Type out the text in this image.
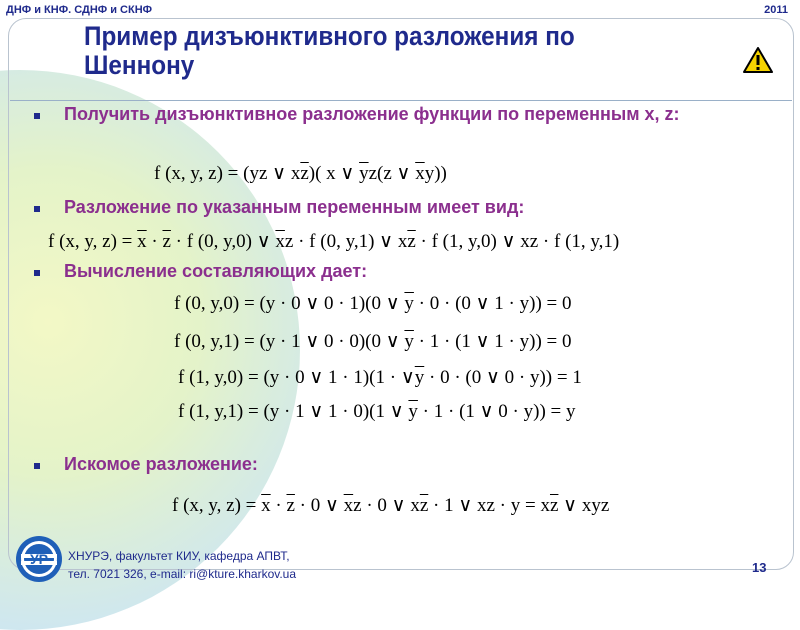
ДНФ и КНФ. СДНФ и СКНФ	2011
Пример дизъюнктивного разложения по Шеннону
Получить дизъюнктивное разложение функции по переменным x, z:
f (x, y, z) = (yz ∨ $x\overline{z}$)( x ∨ $\overline{y}z(z$ ∨ $\overline{x}y$))
Разложение по указанным переменным имеет вид:
f (x, y, $z) = \overline{x} \cdot \overline{z} \cdot f$ (0, y,0) ∨ $\overline{x}z \cdot f$ (0, y,1) ∨ $x\overline{z} \cdot f$ (1, y,0) ∨ xz · f (1, y,1)
Вычисление составляющих дает:
f (0, y,0) = (y · 0 ∨ 0 · 1)(0 ∨ $\overline{y} \cdot 0 \cdot (0$ ∨ 1 · y)) = 0
f (0, y,1) = (y · 1 ∨ 0 · 0)(0 ∨ $\overline{y} \cdot 1 \cdot (1$ ∨ 1 · y)) = 0
f (1, y,0) = (y · 0 ∨ $1 \cdot 1)(1 \cdot \vee\overline{y} \cdot 0 \cdot (0$ ∨ 0 · y)) = 1
f (1, y,1) = (y · 1 ∨ 1 · 0)(1 ∨ $\overline{y} \cdot 1 \cdot (1$ ∨ 0 · y)) = y
Искомое разложение:
f (x, y, $z) = \overline{x} \cdot \overline{z} \cdot 0$ ∨ $\overline{x}z \cdot 0$ ∨ $x\overline{z} \cdot 1$ ∨ xz · $y = x\overline{z}$ ∨ xyz
УР ХНУРЭ, факультет КИУ, кафедра АПВТ,
тел. 7021 326, e-mail: ri@kture.kharkov.ua	13
